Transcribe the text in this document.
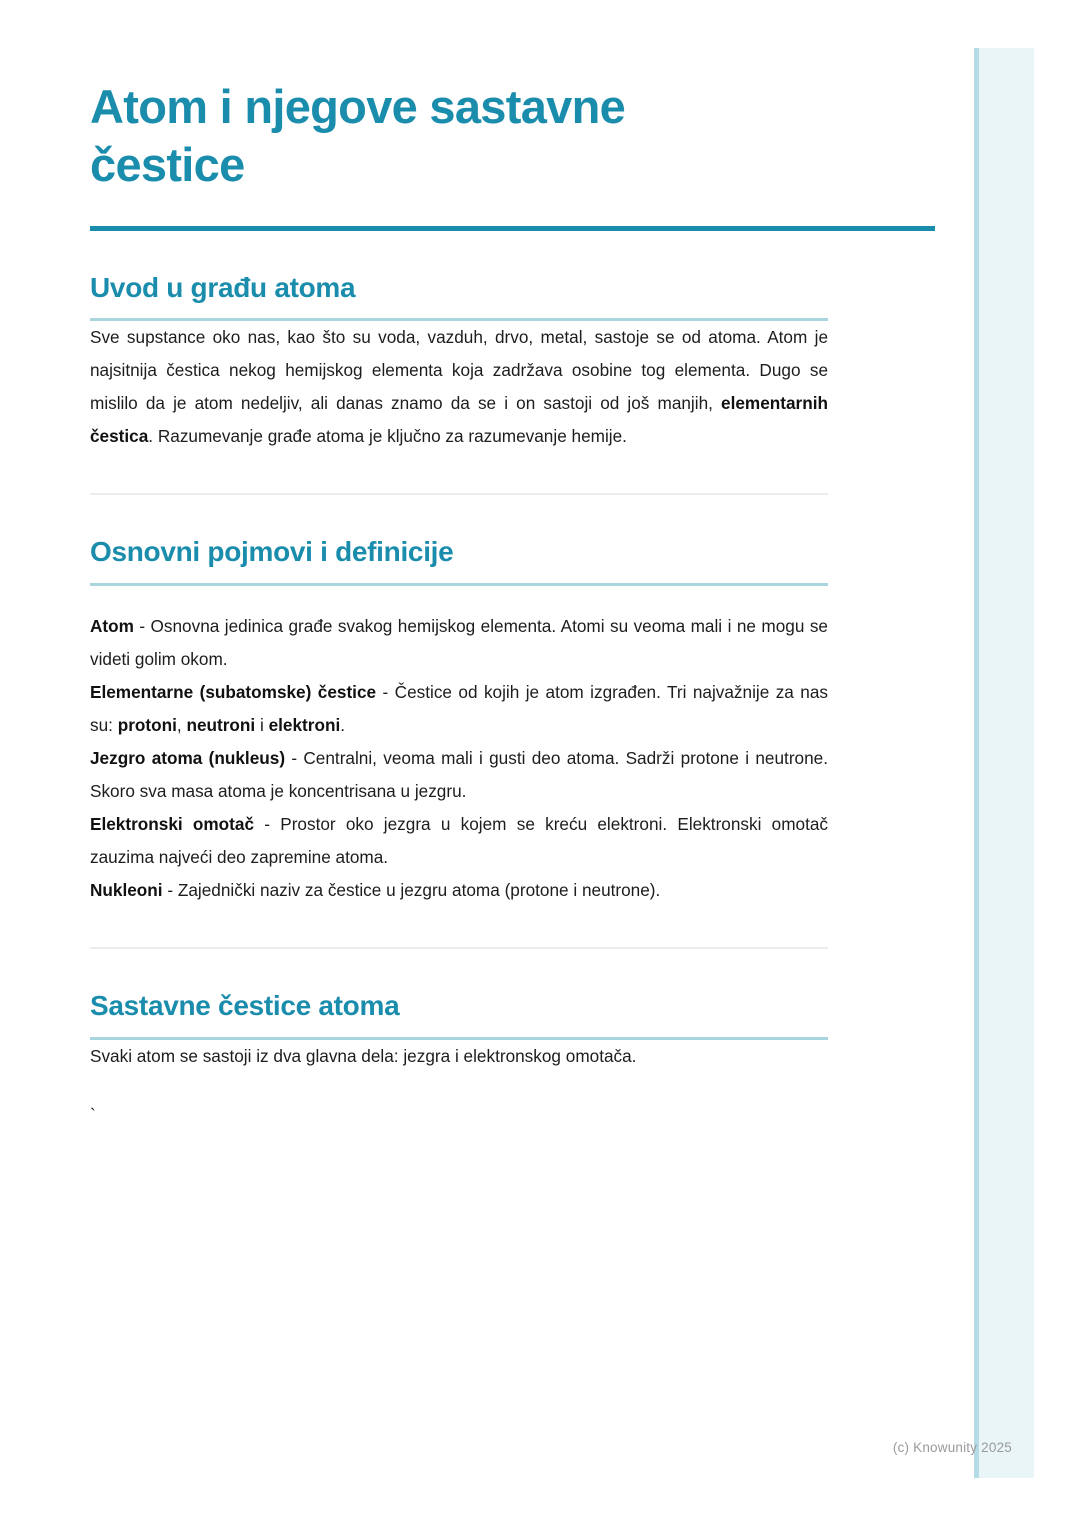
Atom i njegove sastavne čestice
Uvod u građu atoma

Sve supstance oko nas, kao što su voda, vazduh, drvo, metal, sastoje se od atoma. Atom je najsitnija čestica nekog hemijskog elementa koja zadržava osobine tog elementa. Dugo se mislilo da je atom nedeljiv, ali danas znamo da se i on sastoji od još manjih, elementarnih čestica. Razumevanje građe atoma je ključno za razumevanje hemije.

Osnovni pojmovi i definicije

Atom - Osnovna jedinica građe svakog hemijskog elementa. Atomi su veoma mali i ne mogu se videti golim okom.

Elementarne (subatomske) čestice - Čestice od kojih je atom izgrađen. Tri najvažnije za nas su: protoni, neutroni i elektroni.

Jezgro atoma (nukleus) - Centralni, veoma mali i gusti deo atoma. Sadrži protone i neutrone. Skoro sva masa atoma je koncentrisana u jezgru.

Elektronski omotač - Prostor oko jezgra u kojem se kreću elektroni. Elektronski omotač zauzima najveći deo zapremine atoma.

Nukleoni - Zajednički naziv za čestice u jezgru atoma (protone i neutrone).

Sastavne čestice atoma

Svaki atom se sastoji iz dva glavna dela: jezgra i elektronskog omotača.

`
(c) Knowunity 2025
